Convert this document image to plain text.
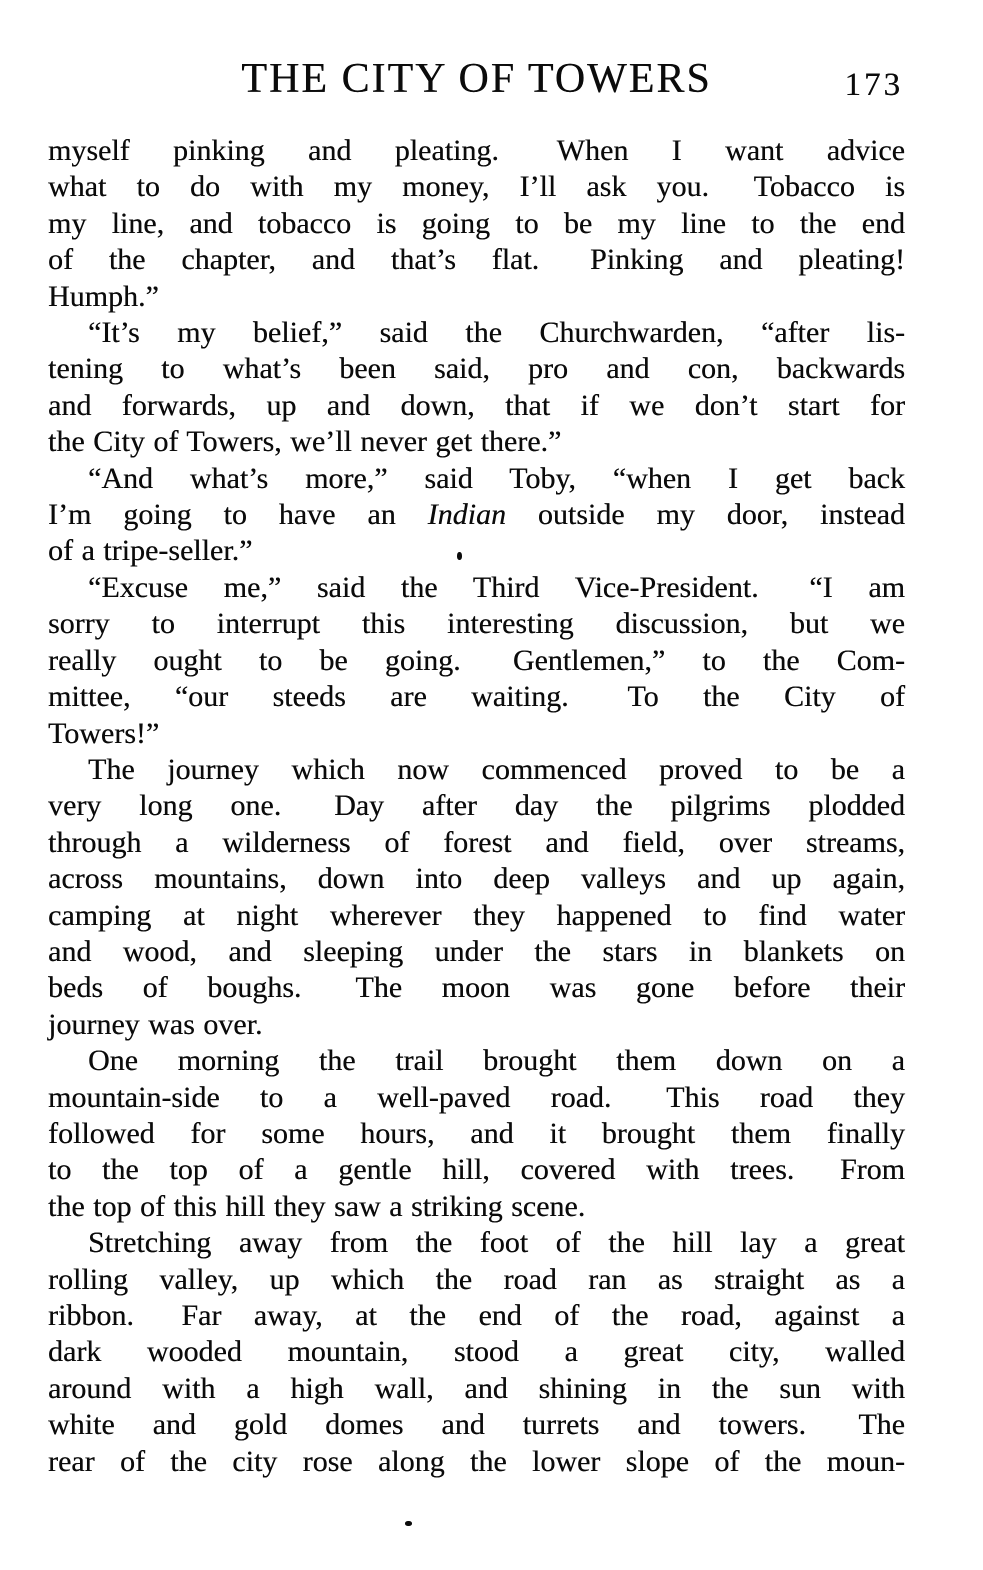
THE CITY OF TOWERS	173
myself pinking and pleating.  When I want advice
what to do with my money, I’ll ask you.  Tobacco is
my line, and tobacco is going to be my line to the end
of the chapter, and that’s flat.  Pinking and pleating!
Humph.”
“It’s my belief,” said the Churchwarden, “after lis-
tening to what’s been said, pro and con, backwards
and forwards, up and down, that if we don’t start for
the City of Towers, we’ll never get there.”
“And what’s more,” said Toby, “when I get back
I’m going to have an Indian outside my door, instead
of a tripe-seller.”
“Excuse me,” said the Third Vice-President.  “I am
sorry to interrupt this interesting discussion, but we
really ought to be going.  Gentlemen,” to the Com-
mittee, “our steeds are waiting.  To the City of
Towers!”
The journey which now commenced proved to be a
very long one.  Day after day the pilgrims plodded
through a wilderness of forest and field, over streams,
across mountains, down into deep valleys and up again,
camping at night wherever they happened to find water
and wood, and sleeping under the stars in blankets on
beds of boughs.  The moon was gone before their
journey was over.
One morning the trail brought them down on a
mountain-side to a well-paved road.  This road they
followed for some hours, and it brought them finally
to the top of a gentle hill, covered with trees.  From
the top of this hill they saw a striking scene.
Stretching away from the foot of the hill lay a great
rolling valley, up which the road ran as straight as a
ribbon.  Far away, at the end of the road, against a
dark wooded mountain, stood a great city, walled
around with a high wall, and shining in the sun with
white and gold domes and turrets and towers.  The
rear of the city rose along the lower slope of the moun-
